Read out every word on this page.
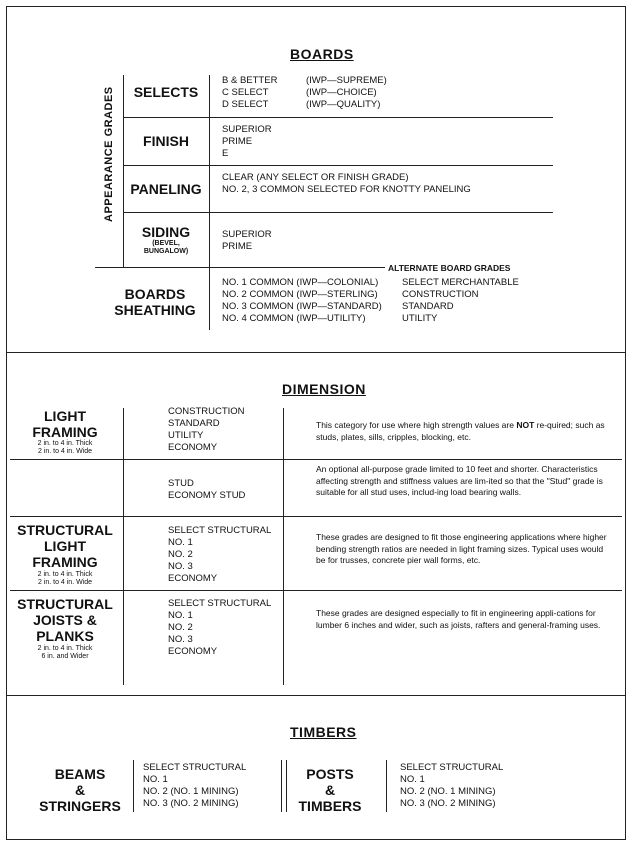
BOARDS
APPEARANCE GRADES	SELECTS
B & BETTER
C SELECT
D SELECT
(IWP—SUPREME)
(IWP—CHOICE)
(IWP—QUALITY)
FINISH
SUPERIOR
PRIME
E
PANELING
CLEAR (ANY SELECT OR FINISH GRADE)
NO. 2, 3 COMMON SELECTED FOR KNOTTY PANELING
SIDING
(BEVEL, BUNGALOW)
SUPERIOR
PRIME
ALTERNATE BOARD GRADES
BOARDS
SHEATHING
NO. 1 COMMON (IWP—COLONIAL)
NO. 2 COMMON (IWP—STERLING)
NO. 3 COMMON (IWP—STANDARD)
NO. 4 COMMON (IWP—UTILITY)
SELECT MERCHANTABLE
CONSTRUCTION
STANDARD
UTILITY
DIMENSION
LIGHT
FRAMING
2 in. to 4 in. Thick
2 in. to 4 in. Wide
CONSTRUCTION
STANDARD
UTILITY
ECONOMY
This category for use where high strength values are NOT re-quired; such as studs, plates, sills, cripples, blocking, etc.
STUD
ECONOMY STUD
An optional all-purpose grade limited to 10 feet and shorter. Characteristics affecting strength and stiffness values are lim-ited so that the "Stud" grade is suitable for all stud uses, includ-ing load bearing walls.
STRUCTURAL
LIGHT
FRAMING
2 in. to 4 in. Thick
2 in. to 4 in. Wide
SELECT STRUCTURAL
NO. 1
NO. 2
NO. 3
ECONOMY
These grades are designed to fit those engineering applications where higher bending strength ratios are needed in light framing sizes. Typical uses would be for trusses, concrete pier wall forms, etc.
STRUCTURAL
JOISTS &
PLANKS
2 in. to 4 in. Thick
6 in. and Wider
SELECT STRUCTURAL
NO. 1
NO. 2
NO. 3
ECONOMY
These grades are designed especially to fit in engineering appli-cations for lumber 6 inches and wider, such as joists, rafters and general-framing uses.
TIMBERS
BEAMS
&
STRINGERS
SELECT STRUCTURAL
NO. 1
NO. 2 (NO. 1 MINING)
NO. 3 (NO. 2 MINING)
POSTS
&
TIMBERS
SELECT STRUCTURAL
NO. 1
NO. 2 (NO. 1 MINING)
NO. 3 (NO. 2 MINING)
